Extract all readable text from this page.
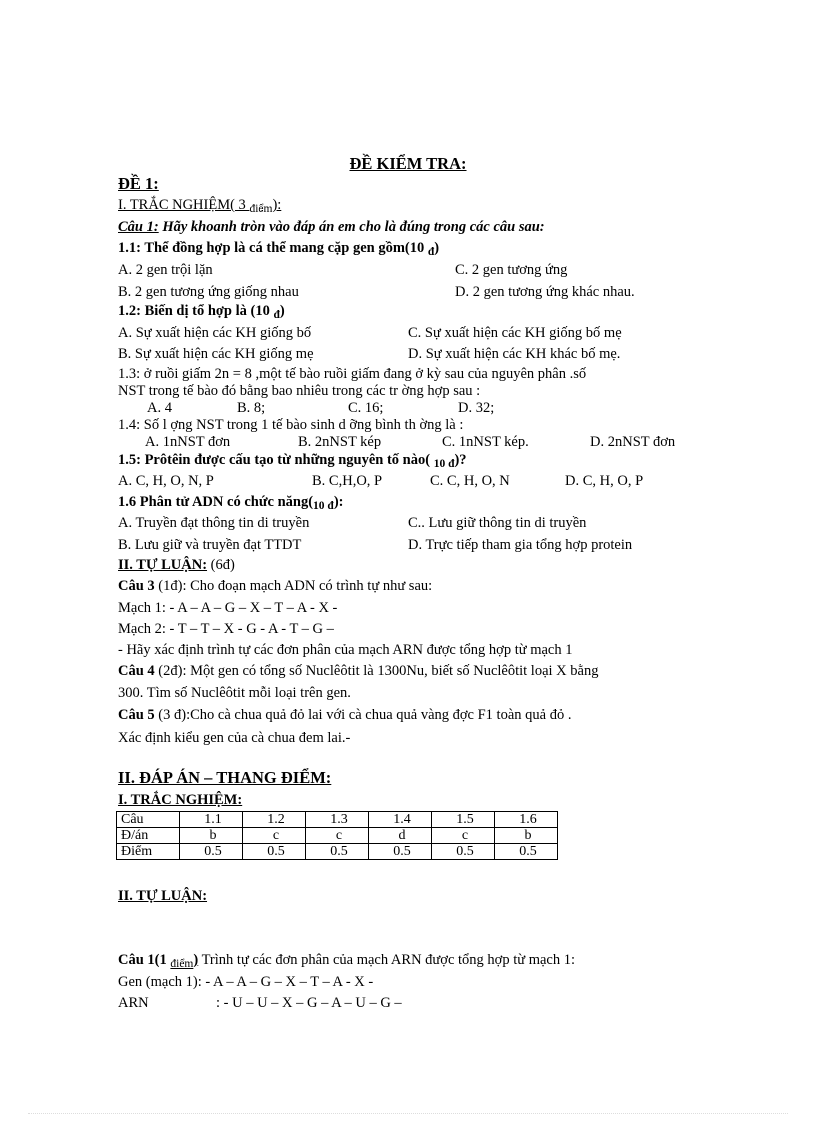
ĐỀ KIỂM TRA:
ĐỀ 1:
I. TRẮC NGHIỆM( 3 $_{điểm}$):
Câu 1: Hãy khoanh tròn vào đáp án em cho là đúng trong các câu sau:
1.1: Thể đồng hợp là cá thể mang cặp gen gồm(10 $_đ$)
A. 2 gen trội lặn	C. 2 gen tương ứng
B. 2 gen tương ứng giống nhau	D. 2 gen tương ứng khác nhau.
1.2: Biến dị tổ hợp là (10 $_đ$)
A. Sự xuất hiện các KH giống bố	C. Sự xuất hiện các KH giống bố mẹ
B. Sự xuất hiện các KH giống mẹ	D. Sự xuất hiện các KH khác bố mẹ.
1.3: ở ruồi giấm 2n = 8 ,một tế bào ruồi giấm đang ở kỳ sau của nguyên phân .số
NST trong tế bào đó bằng bao nhiêu trong các tr ờng hợp sau :
A. 4	B. 8;	C. 16;	D. 32;
1.4: Số l ợng NST trong 1 tế bào sinh d ỡng bình th ờng là :
A. 1nNST đơn	B. 2nNST kép	C. 1nNST kép.	D. 2nNST đơn
1.5: Prôtêin được cấu tạo từ những nguyên tố nào( $_{10 đ}$)?
A. C, H, O, N, P	B. C,H,O, P	C. C, H, O, N	D. C, H, O, P
1.6 Phân tử ADN có chức $năng(_{10 đ})$:
A. Truyền đạt thông tin di truyền	C.. Lưu giữ thông tin di truyền
B. Lưu giữ và truyền đạt TTDT	D. Trực tiếp tham gia tổng hợp protein
II. TỰ LUẬN: (6đ)
Câu 3 (1đ): Cho đoạn mạch ADN có trình tự như sau:
Mạch 1: - A – A – G – X – T – A - X -
Mạch 2: - T – T – X - G - A - T – G –
- Hãy xác định trình tự các đơn phân của mạch ARN được tổng hợp từ mạch 1
Câu 4 (2đ): Một gen có tổng số Nuclêôtit là 1300Nu, biết số Nuclêôtit loại X bằng
300. Tìm số Nuclêôtit mỗi loại trên gen.
Câu 5 (3 đ):Cho cà chua quả đỏ lai với cà chua quả vàng đợc F1 toàn quả đỏ .
Xác định kiểu gen của cà chua đem lai.-
II. ĐÁP ÁN – THANG ĐIỂM:
I. TRẮC NGHIỆM:
Câu	1.1	1.2	1.3	1.4	1.5	1.6
Đ/án	b	c	c	d	c	b
Điểm	0.5	0.5	0.5	0.5	0.5	0.5
II. TỰ LUẬN:
Câu 1(1 $_{điểm}$) Trình tự các đơn phân của mạch ARN được tổng hợp từ mạch 1:
Gen (mạch 1): - A – A – G – X – T – A - X -
ARN	: - U – U – X – G – A – U – G –
